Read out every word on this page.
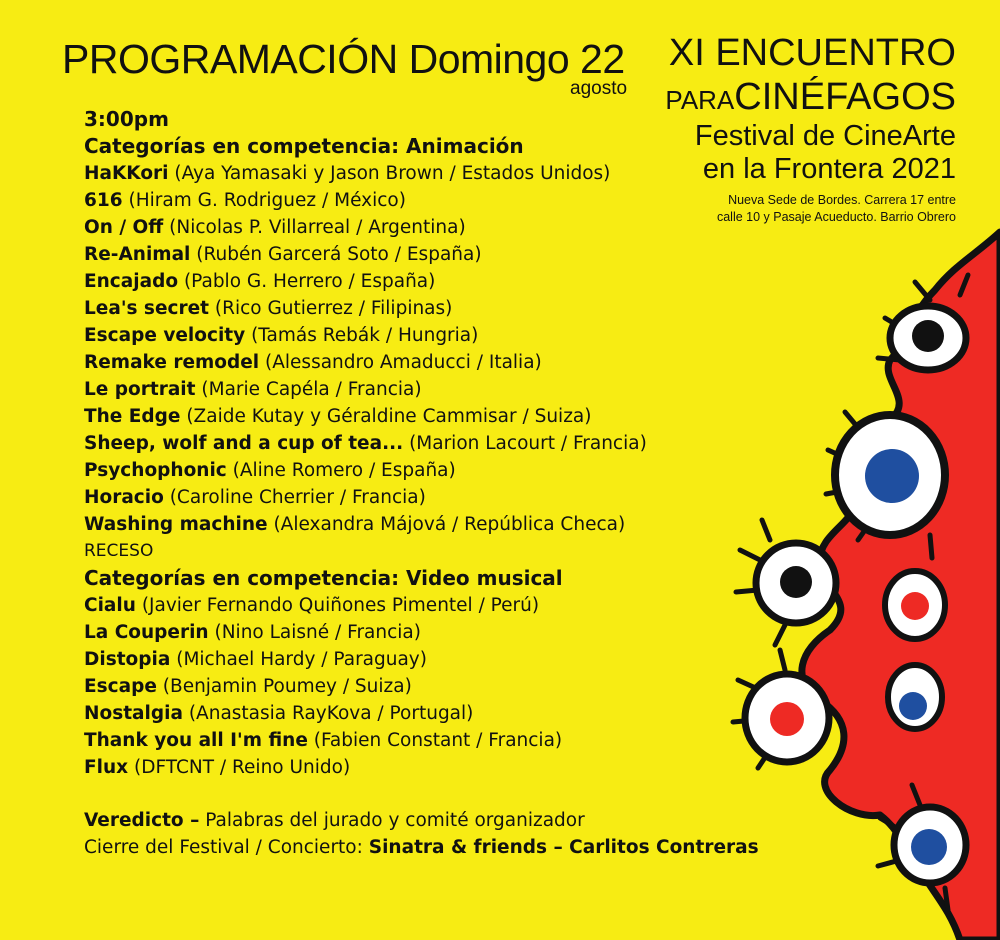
PROGRAMACIÓN Domingo 22
agosto
XI ENCUENTRO
PARACINÉFAGOS
Festival de CineArte
en la Frontera 2021
Nueva Sede de Bordes. Carrera 17 entre
calle 10 y Pasaje Acueducto. Barrio Obrero
3:00pm
Categorías en competencia: Animación
HaKKori (Aya Yamasaki y Jason Brown / Estados Unidos)
616 (Hiram G. Rodriguez / México)
On / Off (Nicolas P. Villarreal / Argentina)
Re-Animal (Rubén Garcerá Soto / España)
Encajado (Pablo G. Herrero / España)
Lea's secret (Rico Gutierrez / Filipinas)
Escape velocity (Tamás Rebák / Hungria)
Remake remodel (Alessandro Amaducci / Italia)
Le portrait (Marie Capéla / Francia)
The Edge (Zaide Kutay y Géraldine Cammisar / Suiza)
Sheep, wolf and a cup of tea... (Marion Lacourt / Francia)
Psychophonic (Aline Romero / España)
Horacio (Caroline Cherrier / Francia)
Washing machine (Alexandra Májová / República Checa)
RECESO
Categorías en competencia: Video musical
Cialu (Javier Fernando Quiñones Pimentel / Perú)
La Couperin (Nino Laisné / Francia)
Distopia (Michael Hardy / Paraguay)
Escape (Benjamin Poumey / Suiza)
Nostalgia (Anastasia RayKova / Portugal)
Thank you all I'm fine (Fabien Constant / Francia)
Flux (DFTCNT / Reino Unido)
Veredicto – Palabras del jurado y comité organizador
Cierre del Festival / Concierto: Sinatra & friends – Carlitos Contreras
